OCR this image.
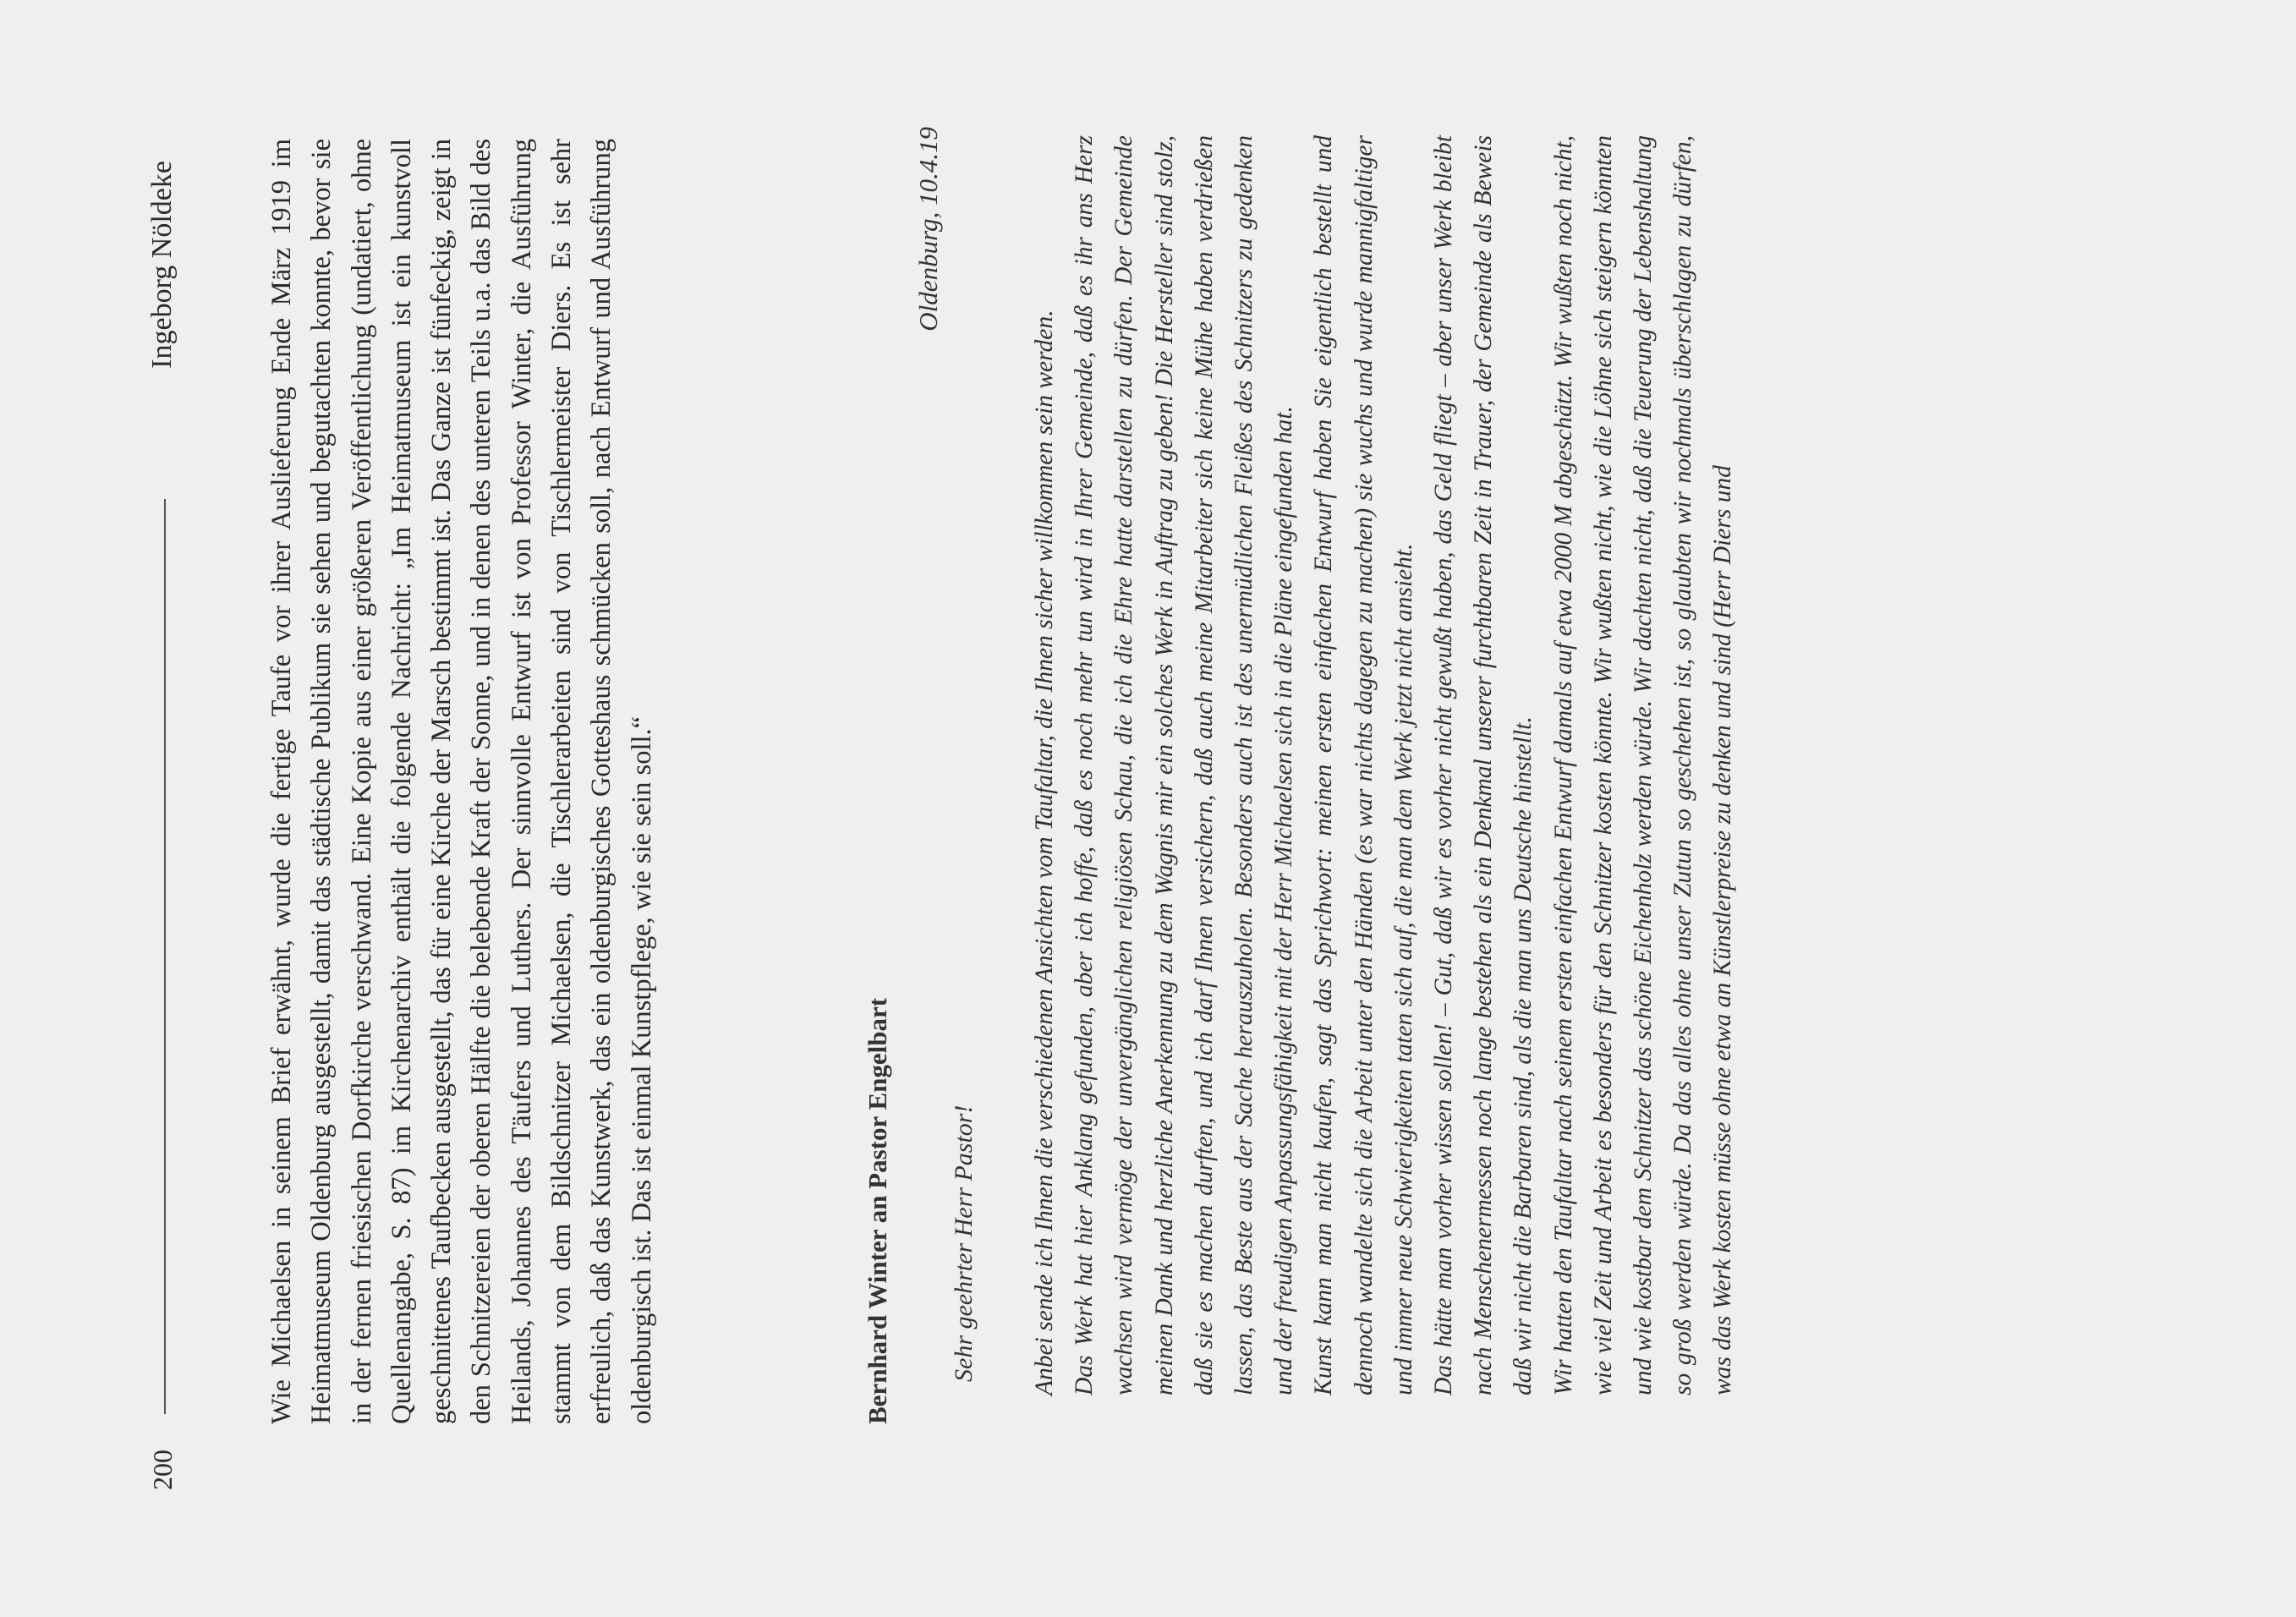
200
Ingeborg Nöldeke	Wie Michaelsen in seinem Brief erwähnt, wurde die fertige Taufe vor ihrer Auslieferung Ende März 1919 im Heimatmuseum Oldenburg ausgestellt, damit das städtische Publikum sie sehen und begutachten konnte, bevor sie in der fernen friesischen Dorfkirche verschwand. Eine Kopie aus einer größeren Veröffentlichung (undatiert, ohne Quellenangabe, S. 87) im Kirchenarchiv enthält die folgende Nachricht: „Im Heimatmuseum ist ein kunstvoll geschnittenes Taufbecken ausgestellt, das für eine Kirche der Marsch bestimmt ist. Das Ganze ist fünfeckig, zeigt in den Schnitzereien der oberen Hälfte die belebende Kraft der Sonne, und in denen des unteren Teils u.a. das Bild des Heilands, Johannes des Täufers und Luthers. Der sinnvolle Entwurf ist von Professor Winter, die Ausführung stammt von dem Bildschnitzer Michaelsen, die Tischlerarbeiten sind von Tischlermeister Diers. Es ist sehr erfreulich, daß das Kunstwerk, das ein oldenburgisches Gotteshaus schmücken soll, nach Entwurf und Ausführung oldenburgisch ist. Das ist einmal Kunstpflege, wie sie sein soll.“	Bernhard Winter an Pastor Engelbart
Oldenburg, 10.4.19
Sehr geehrter Herr Pastor! Anbei sende ich Ihnen die verschiedenen Ansichten vom Taufaltar, die Ihnen sicher willkommen sein werden. Das Werk hat hier Anklang gefunden, aber ich hoffe, daß es noch mehr tun wird in Ihrer Gemeinde, daß es ihr ans Herz wachsen wird vermöge der unvergänglichen religiösen Schau, die ich die Ehre hatte darstellen zu dürfen. Der Gemeinde meinen Dank und herzliche Anerkennung zu dem Wagnis mir ein solches Werk in Auftrag zu geben! Die Hersteller sind stolz, daß sie es machen durften, und ich darf Ihnen versichern, daß auch meine Mitarbeiter sich keine Mühe haben verdrießen lassen, das Beste aus der Sache herauszuholen. Besonders auch ist des unermüdlichen Fleißes des Schnitzers zu gedenken und der freudigen Anpassungsfähigkeit mit der Herr Michaelsen sich in die Pläne eingefunden hat. Kunst kann man nicht kaufen, sagt das Sprichwort: meinen ersten einfachen Entwurf haben Sie eigentlich bestellt und dennoch wandelte sich die Arbeit unter den Händen (es war nichts dagegen zu machen) sie wuchs und wurde mannigfaltiger und immer neue Schwierigkeiten taten sich auf, die man dem Werk jetzt nicht ansieht. Das hätte man vorher wissen sollen! – Gut, daß wir es vorher nicht gewußt haben, das Geld fliegt – aber unser Werk bleibt nach Menschenermessen noch lange bestehen als ein Denkmal unserer furchtbaren Zeit in Trauer, der Gemeinde als Beweis daß wir nicht die Barbaren sind, als die man uns Deutsche hinstellt. Wir hatten den Taufaltar nach seinem ersten einfachen Entwurf damals auf etwa 2000 M abgeschätzt. Wir wußten noch nicht, wie viel Zeit und Arbeit es besonders für den Schnitzer kosten könnte. Wir wußten nicht, wie die Löhne sich steigern könnten und wie kostbar dem Schnitzer das schöne Eichenholz werden würde. Wir dachten nicht, daß die Teuerung der Lebenshaltung so groß werden würde. Da das alles ohne unser Zutun so geschehen ist, so glaubten wir nochmals überschlagen zu dürfen, was das Werk kosten müsse ohne etwa an Künstlerpreise zu denken und sind (Herr Diers und
